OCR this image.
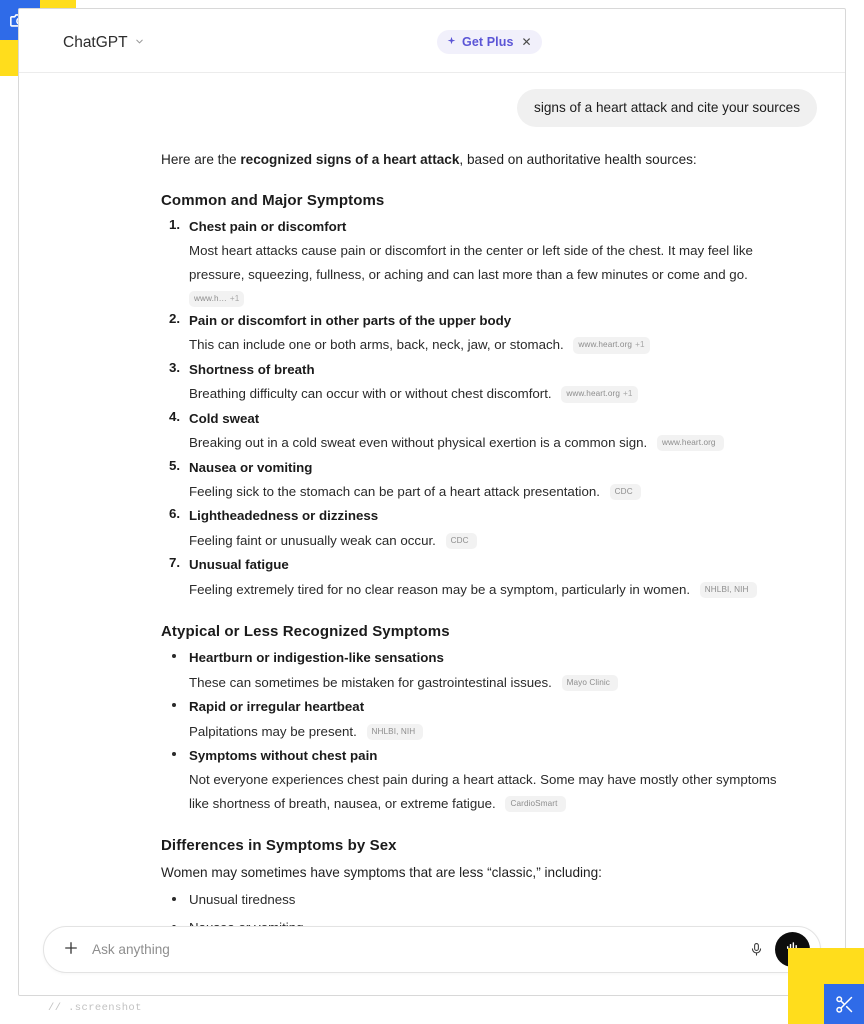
ChatGPT	Get Plus ✕
signs of a heart attack and cite your sources

Here are the recognized signs of a heart attack, based on authoritative health sources:

Common and Major Symptoms
1 . Chest pain or discomfort
Most heart attacks cause pain or discomfort in the center or left side of the chest. It may feel like pressure, squeezing, fullness, or aching and can last more than a few minutes or come and go.
www.h… +1
2 . Pain or discomfort in other parts of the upper body
This can include one or both arms, back, neck, jaw, or stomach. www.heart.org +1
3 . Shortness of breath
Breathing difficulty can occur with or without chest discomfort. www.heart.org +1
4 . Cold sweat
Breaking out in a cold sweat even without physical exertion is a common sign. www.heart.org
5 . Nausea or vomiting
Feeling sick to the stomach can be part of a heart attack presentation. CDC
6 . Lightheadedness or dizziness
Feeling faint or unusually weak can occur. CDC
7 . Unusual fatigue
Feeling extremely tired for no clear reason may be a symptom, particularly in women. NHLBI, NIH
Atypical or Less Recognized Symptoms
Heartburn or indigestion-like sensations
These can sometimes be mistaken for gastrointestinal issues. Mayo Clinic
Rapid or irregular heartbeat
Palpitations may be present. NHLBI, NIH
Symptoms without chest pain
Not everyone experiences chest pain during a heart attack. Some may have mostly other symptoms like shortness of breath, nausea, or extreme fatigue. CardioSmart
Differences in Symptoms by Sex

Women may sometimes have symptoms that are less “classic,” including:

Unusual tiredness
Ask anything
// .screenshot
